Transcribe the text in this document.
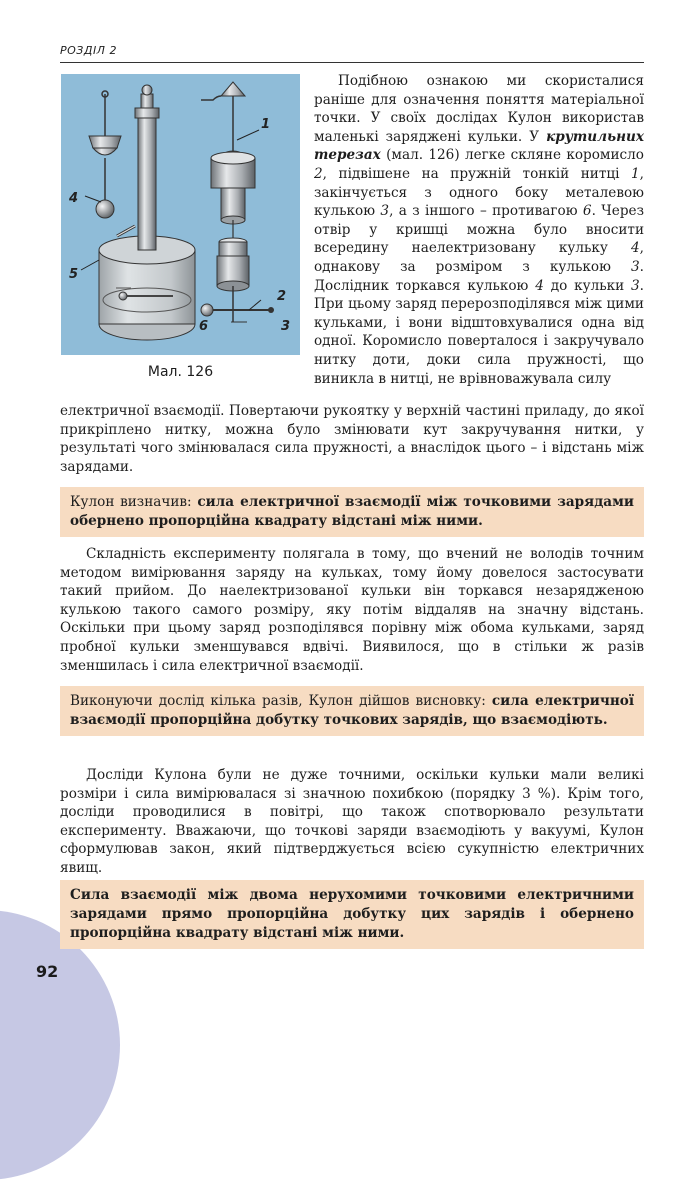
РОЗДІЛ 2
1
2
3
4
5
6
Мал. 126

Подібною ознакою ми скористалися раніше для означення поняття матеріальної точки. У своїх дослідах Кулон використав маленькі заряджені кульки. У крутильних терезах (мал. 126) легке скляне коромисло 2, підвішене на пружній тонкій нитці 1, закінчується з одного боку металевою кулькою 3, а з іншого – противагою 6. Через отвір у кришці можна було вносити всередину наелектризовану кульку 4, однакову за розміром з кулькою 3. Дослідник торкався кулькою 4 до кульки 3. При цьому заряд перерозподілявся між цими кульками, і вони відштовхувалися одна від одної. Коромисло поверталося і закручувало нитку доти, доки сила пружності, що виникла в нитці, не врівноважувала силу

електричної взаємодії. Повертаючи рукоятку у верхній частині приладу, до якої прикріплено нитку, можна було змінювати кут закручування нитки, у результаті чого змінювалася сила пружності, а внаслідок цього – і відстань між зарядами.

Кулон визначив: сила електричної взаємодії між точковими зарядами обернено пропорційна квадрату відстані між ними.

Складність експерименту полягала в тому, що вчений не володів точним методом вимірювання заряду на кульках, тому йому довелося застосувати такий прийом. До наелектризованої кульки він торкався незарядженою кулькою такого самого розміру, яку потім віддаляв на значну відстань. Оскільки при цьому заряд розподілявся порівну між обома кульками, заряд пробної кульки зменшувався вдвічі. Виявилося, що в стільки ж разів зменшилась і сила електричної взаємодії.

Виконуючи дослід кілька разів, Кулон дійшов висновку: сила електричної взаємодії пропорційна добутку точкових зарядів, що взаємодіють.

Досліди Кулона були не дуже точними, оскільки кульки мали великі розміри і сила вимірювалася зі значною похибкою (порядку 3 %). Крім того, досліди проводилися в повітрі, що також спотворювало результати експерименту. Вважаючи, що точкові заряди взаємодіють у вакуумі, Кулон сформулював закон, який підтверджується всією сукупністю електричних явищ.

Сила взаємодії між двома нерухомими точковими електричними зарядами прямо пропорційна добутку цих зарядів і обернено пропорційна квадрату відстані між ними.

92
